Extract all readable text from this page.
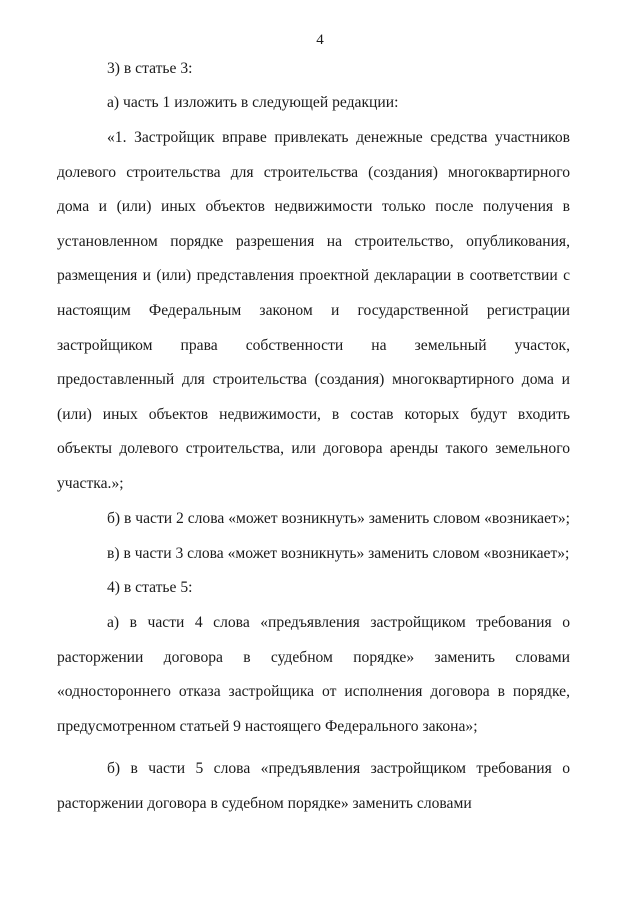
4

3) в статье 3:

а) часть 1 изложить в следующей редакции:

«1. Застройщик вправе привлекать денежные средства участников долевого строительства для строительства (создания) многоквартирного дома и (или) иных объектов недвижимости только после получения в установленном порядке разрешения на строительство, опубликования, размещения и (или) представления проектной декларации в соответствии с настоящим Федеральным законом и государственной регистрации застройщиком права собственности на земельный участок, предоставленный для строительства (создания) многоквартирного дома и (или) иных объектов недвижимости, в состав которых будут входить объекты долевого строительства, или договора аренды такого земельного участка.»;

б) в части 2 слова «может возникнуть» заменить словом «возникает»;

в) в части 3 слова «может возникнуть» заменить словом «возникает»;

4) в статье 5:

а) в части 4 слова «предъявления застройщиком требования о расторжении договора в судебном порядке» заменить словами «одностороннего отказа застройщика от исполнения договора в порядке, предусмотренном статьей 9 настоящего Федерального закона»;

б) в части 5 слова «предъявления застройщиком требования о расторжении договора в судебном порядке» заменить словами
